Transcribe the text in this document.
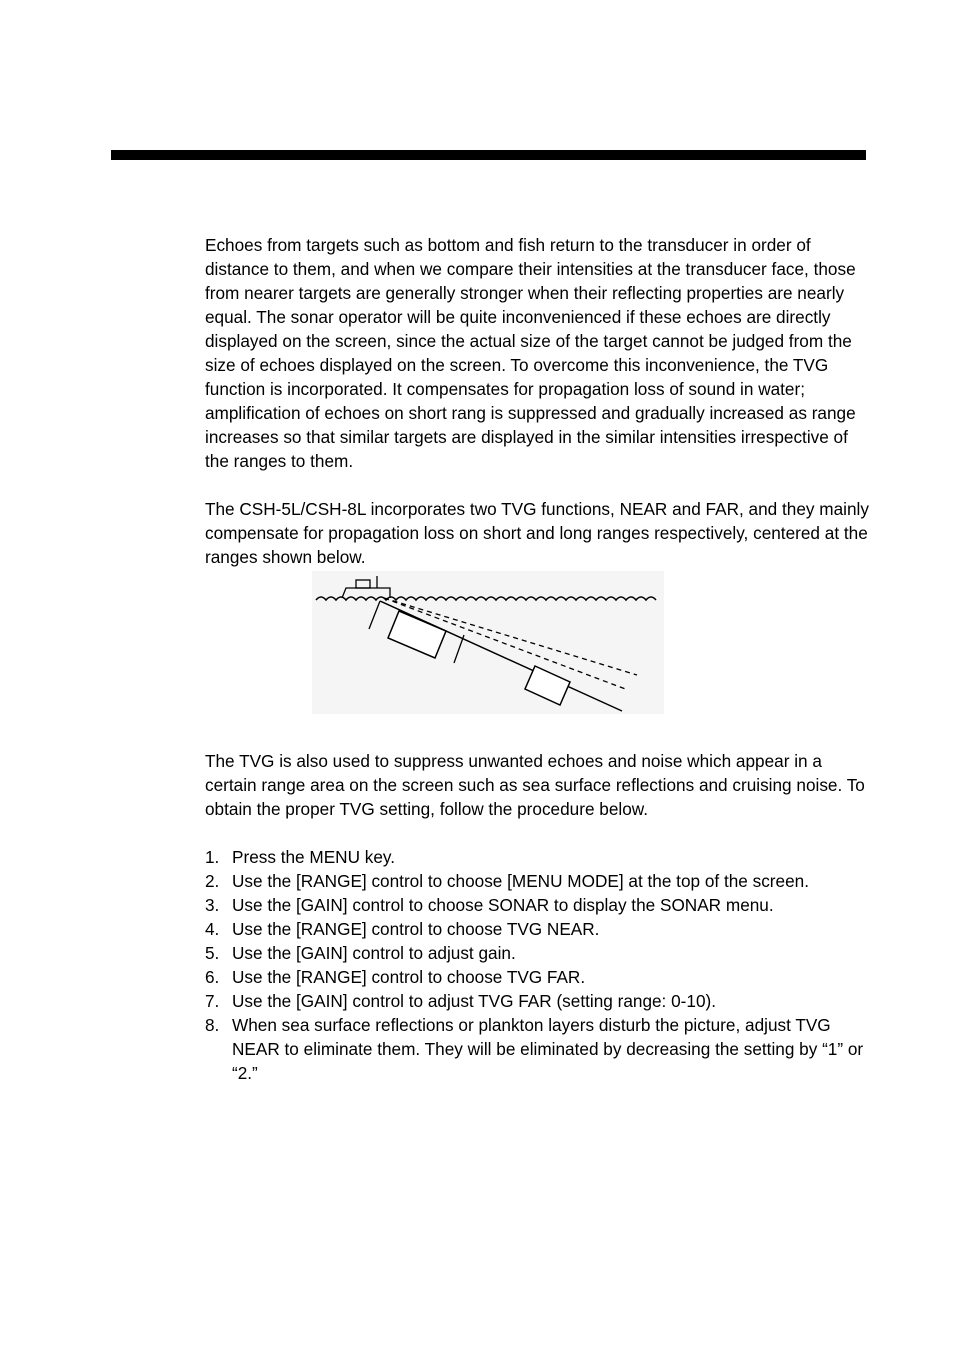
Echoes from targets such as bottom and fish return to the transducer in order of distance to them, and when we compare their intensities at the transducer face, those from nearer targets are generally stronger when their reflecting properties are nearly equal. The sonar operator will be quite inconvenienced if these echoes are directly displayed on the screen, since the actual size of the target cannot be judged from the size of echoes displayed on the screen. To overcome this inconvenience, the TVG function is incorporated. It compensates for propagation loss of sound in water; amplification of echoes on short rang is suppressed and gradually increased as range increases so that similar targets are displayed in the similar intensities irrespective of the ranges to them.

The CSH-5L/CSH-8L incorporates two TVG functions, NEAR and FAR, and they mainly compensate for propagation loss on short and long ranges respectively, centered at the ranges shown below.

The TVG is also used to suppress unwanted echoes and noise which appear in a certain range area on the screen such as sea surface reflections and cruising noise. To obtain the proper TVG setting, follow the procedure below.

1. Press the MENU key.
2. Use the [RANGE] control to choose [MENU MODE] at the top of the screen.
3. Use the [GAIN] control to choose SONAR to display the SONAR menu.
4. Use the [RANGE] control to choose TVG NEAR.
5. Use the [GAIN] control to adjust gain.
6. Use the [RANGE] control to choose TVG FAR.
7. Use the [GAIN] control to adjust TVG FAR (setting range: 0-10).
8. When sea surface reflections or plankton layers disturb the picture, adjust TVG NEAR to eliminate them. They will be eliminated by decreasing the setting by “1” or “2.”
